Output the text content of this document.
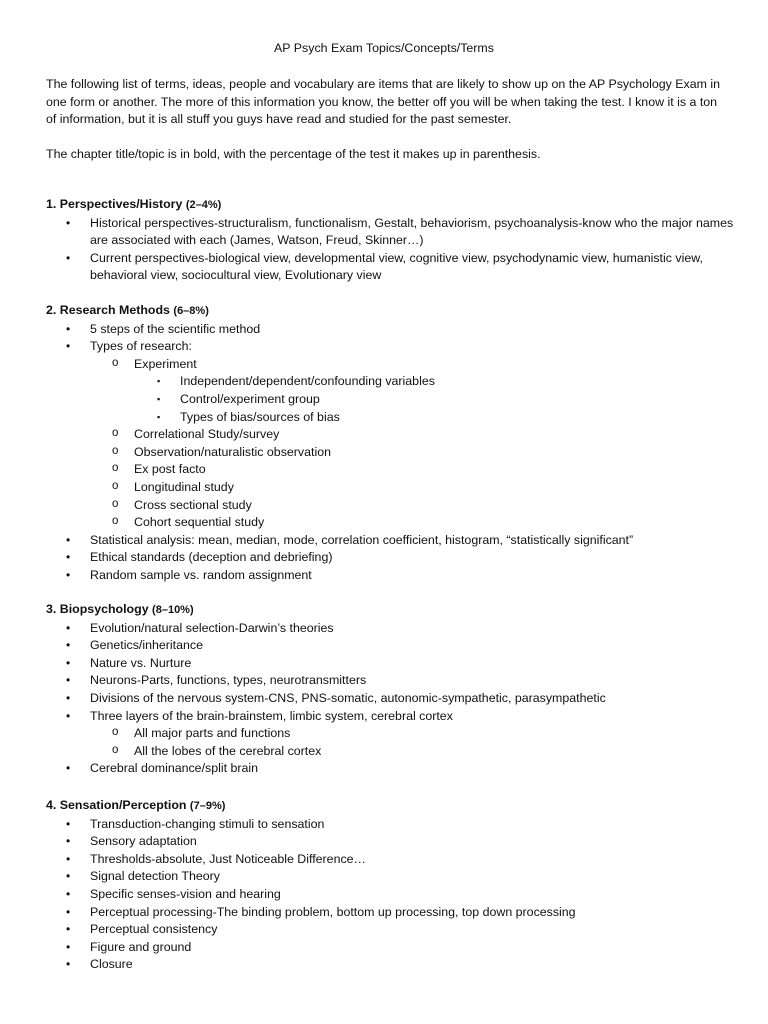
AP Psych Exam Topics/Concepts/Terms

The following list of terms, ideas, people and vocabulary are items that are likely to show up on the AP Psychology Exam in one form or another. The more of this information you know, the better off you will be when taking the test. I know it is a ton of information, but it is all stuff you guys have read and studied for the past semester.

The chapter title/topic is in bold, with the percentage of the test it makes up in parenthesis.

1. Perspectives/History (2–4%)

• Historical perspectives-structuralism, functionalism, Gestalt, behaviorism, psychoanalysis-know who the major names are associated with each (James, Watson, Freud, Skinner…)
• Current perspectives-biological view, developmental view, cognitive view, psychodynamic view, humanistic view, behavioral view, sociocultural view, Evolutionary view

2. Research Methods (6–8%)

• 5 steps of the scientific method
• Types of research:
o Experiment
▪ Independent/dependent/confounding variables
▪ Control/experiment group
▪ Types of bias/sources of bias
o Correlational Study/survey
o Observation/naturalistic observation
o Ex post facto
o Longitudinal study
o Cross sectional study
o Cohort sequential study
• Statistical analysis: mean, median, mode, correlation coefficient, histogram, “statistically significant”
• Ethical standards (deception and debriefing)
• Random sample vs. random assignment

3. Biopsychology (8–10%)

• Evolution/natural selection-Darwin’s theories
• Genetics/inheritance
• Nature vs. Nurture
• Neurons-Parts, functions, types, neurotransmitters
• Divisions of the nervous system-CNS, PNS-somatic, autonomic-sympathetic, parasympathetic
• Three layers of the brain-brainstem, limbic system, cerebral cortex
o All major parts and functions
o All the lobes of the cerebral cortex
• Cerebral dominance/split brain

4. Sensation/Perception (7–9%)

• Transduction-changing stimuli to sensation
• Sensory adaptation
• Thresholds-absolute, Just Noticeable Difference…
• Signal detection Theory
• Specific senses-vision and hearing
• Perceptual processing-The binding problem, bottom up processing, top down processing
• Perceptual consistency
• Figure and ground
• Closure
